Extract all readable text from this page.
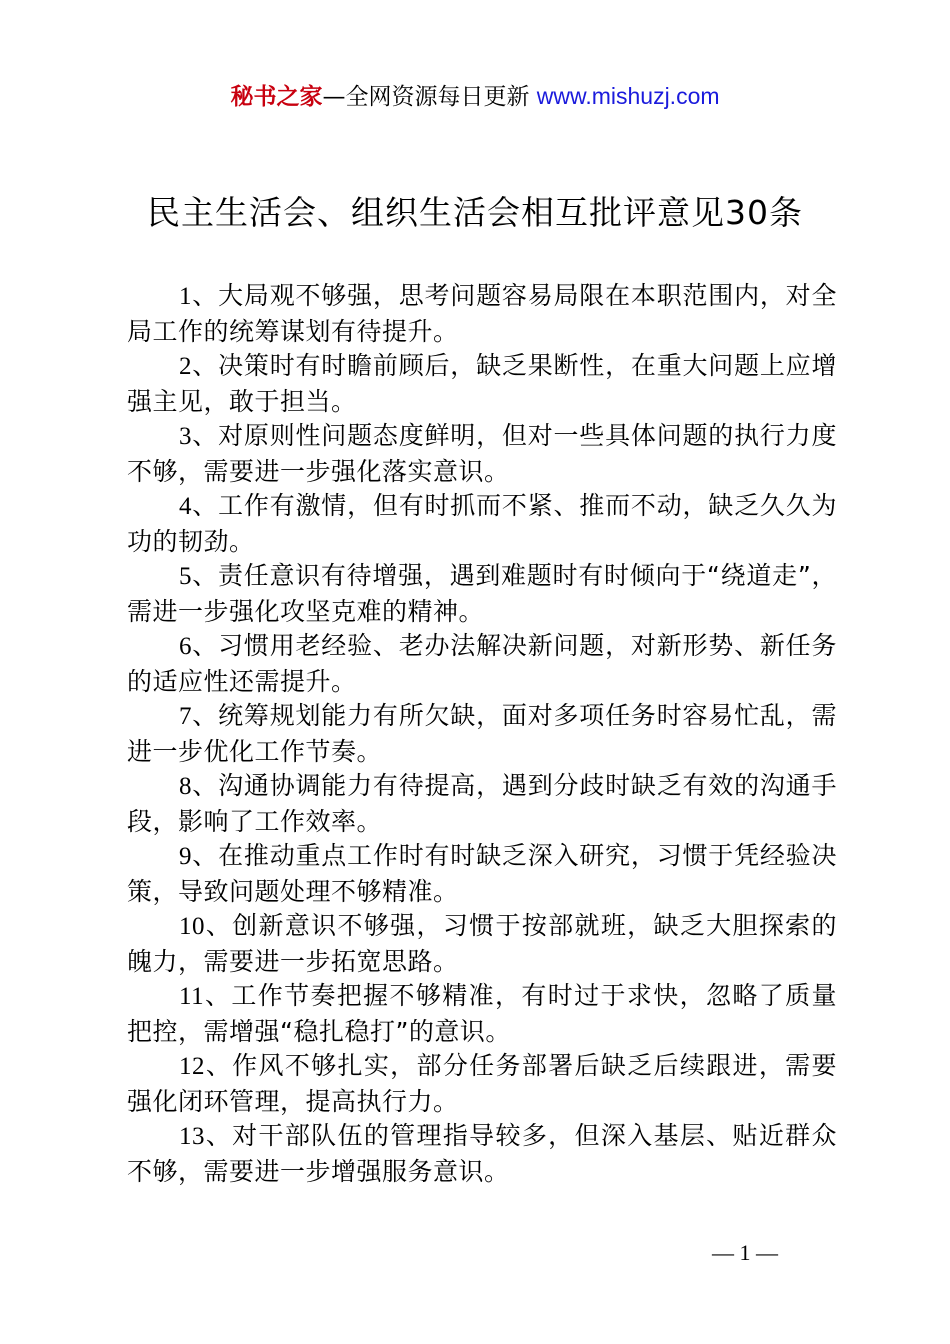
秘书之家—全网资源每日更新 www.mishuzj.com
民主生活会、组织生活会相互批评意见30条
1、大局观不够强，思考问题容易局限在本职范围内，对全局工作的统筹谋划有待提升。
2、决策时有时瞻前顾后，缺乏果断性，在重大问题上应增强主见，敢于担当。
3、对原则性问题态度鲜明，但对一些具体问题的执行力度不够，需要进一步强化落实意识。
4、工作有激情，但有时抓而不紧、推而不动，缺乏久久为功的韧劲。
5、责任意识有待增强，遇到难题时有时倾向于“绕道走”，需进一步强化攻坚克难的精神。
6、习惯用老经验、老办法解决新问题，对新形势、新任务的适应性还需提升。
7、统筹规划能力有所欠缺，面对多项任务时容易忙乱，需进一步优化工作节奏。
8、沟通协调能力有待提高，遇到分歧时缺乏有效的沟通手段，影响了工作效率。
9、在推动重点工作时有时缺乏深入研究，习惯于凭经验决策，导致问题处理不够精准。
10、创新意识不够强，习惯于按部就班，缺乏大胆探索的魄力，需要进一步拓宽思路。
11、工作节奏把握不够精准，有时过于求快，忽略了质量把控，需增强“稳扎稳打”的意识。
12、作风不够扎实，部分任务部署后缺乏后续跟进，需要强化闭环管理，提高执行力。
13、对干部队伍的管理指导较多，但深入基层、贴近群众不够，需要进一步增强服务意识。
— 1 —
